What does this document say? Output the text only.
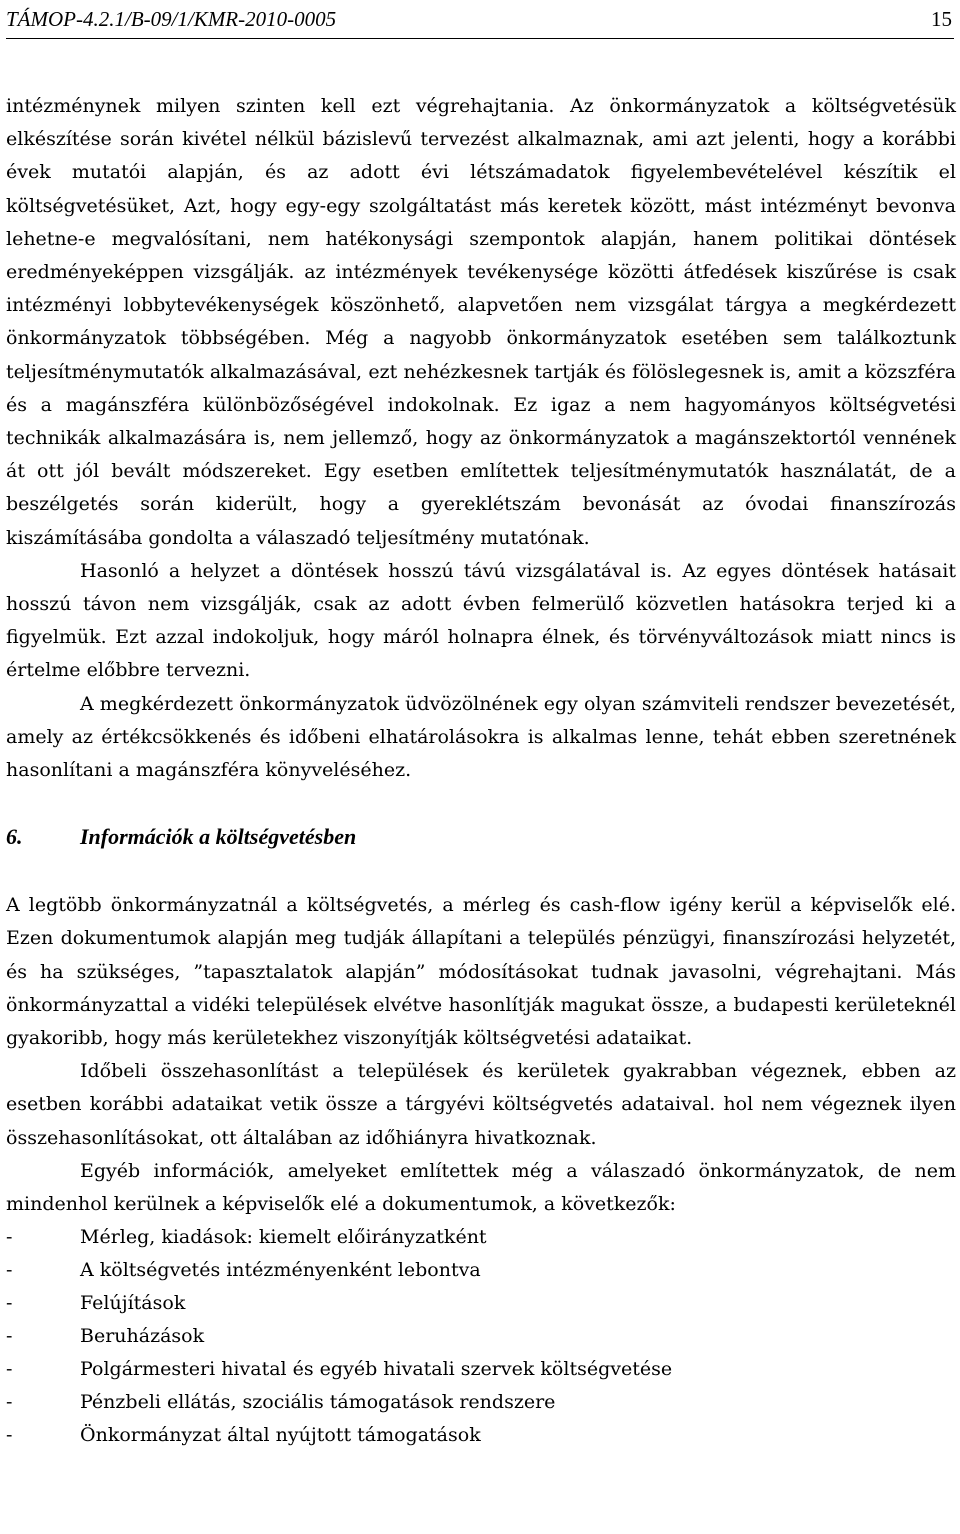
TÁMOP-4.2.1/B-09/1/KMR-2010-0005	15

intézménynek milyen szinten kell ezt végrehajtania. Az önkormányzatok a költségvetésük elkészítése során kivétel nélkül bázislevű tervezést alkalmaznak, ami azt jelenti, hogy a korábbi évek mutatói alapján, és az adott évi létszámadatok figyelembevételével készítik el költségvetésüket, Azt, hogy egy-egy szolgáltatást más keretek között, mást intézményt bevonva lehetne-e megvalósítani, nem hatékonysági szempontok alapján, hanem politikai döntések eredményeképpen vizsgálják. az intézmények tevékenysége közötti átfedések kiszűrése is csak intézményi lobbytevékenységek köszönhető, alapvetően nem vizsgálat tárgya a megkérdezett önkormányzatok többségében. Még a nagyobb önkormányzatok esetében sem találkoztunk teljesítménymutatók alkalmazásával, ezt nehézkesnek tartják és fölöslegesnek is, amit a közszféra és a magánszféra különbözőségével indokolnak. Ez igaz a nem hagyományos költségvetési technikák alkalmazására is, nem jellemző, hogy az önkormányzatok a magánszektortól vennének át ott jól bevált módszereket. Egy esetben említettek teljesítménymutatók használatát, de a beszélgetés során kiderült, hogy a gyereklétszám bevonását az óvodai finanszírozás kiszámításába gondolta a válaszadó teljesítmény mutatónak.

Hasonló a helyzet a döntések hosszú távú vizsgálatával is. Az egyes döntések hatásait hosszú távon nem vizsgálják, csak az adott évben felmerülő közvetlen hatásokra terjed ki a figyelmük. Ezt azzal indokoljuk, hogy máról holnapra élnek, és törvényváltozások miatt nincs is értelme előbbre tervezni.

A megkérdezett önkormányzatok üdvözölnének egy olyan számviteli rendszer bevezetését, amely az értékcsökkenés és időbeni elhatárolásokra is alkalmas lenne, tehát ebben szeretnének hasonlítani a magánszféra könyveléséhez.

6.	Információk a költségvetésben

A legtöbb önkormányzatnál a költségvetés, a mérleg és cash-flow igény kerül a képviselők elé. Ezen dokumentumok alapján meg tudják állapítani a település pénzügyi, finanszírozási helyzetét, és ha szükséges, ”tapasztalatok alapján” módosításokat tudnak javasolni, végrehajtani. Más önkormányzattal a vidéki települések elvétve hasonlítják magukat össze, a budapesti kerületeknél gyakoribb, hogy más kerületekhez viszonyítják költségvetési adataikat.

Időbeli összehasonlítást a települések és kerületek gyakrabban végeznek, ebben az esetben korábbi adataikat vetik össze a tárgyévi költségvetés adataival. hol nem végeznek ilyen összehasonlításokat, ott általában az időhiányra hivatkoznak.

Egyéb információk, amelyeket említettek még a válaszadó önkormányzatok, de nem mindenhol kerülnek a képviselők elé a dokumentumok, a következők:

-	Mérleg, kiadások: kiemelt előirányzatként
-	A költségvetés intézményenként lebontva
-	Felújítások
-	Beruházások
-	Polgármesteri hivatal és egyéb hivatali szervek költségvetése
-	Pénzbeli ellátás, szociális támogatások rendszere
-	Önkormányzat által nyújtott támogatások
